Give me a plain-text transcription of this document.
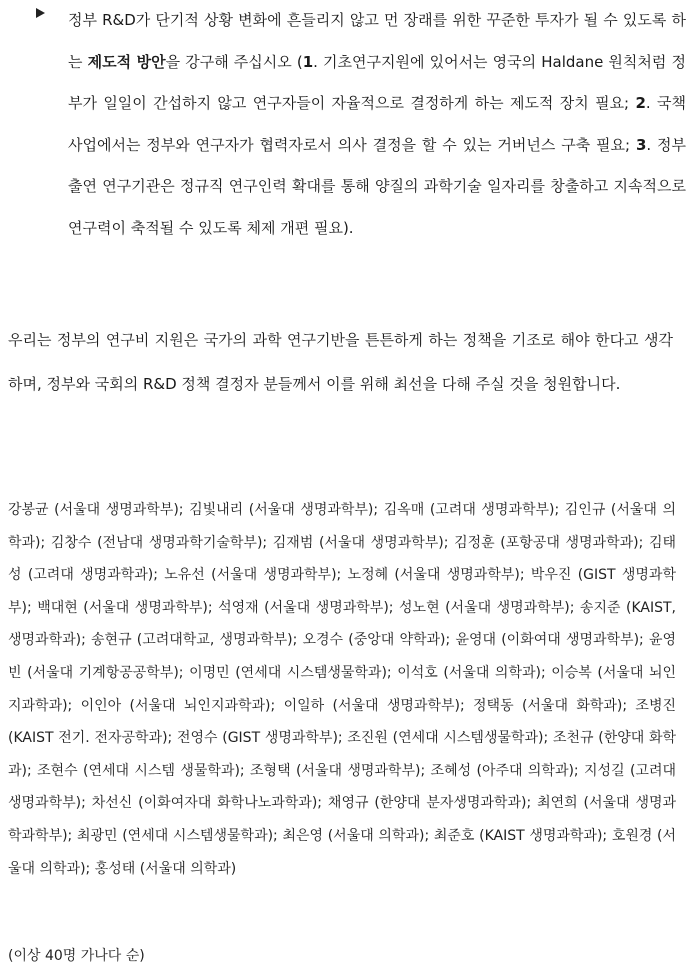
정부 R&D가 단기적 상황 변화에 흔들리지 않고 먼 장래를 위한 꾸준한 투자가 될 수 있도록 하는 제도적 방안을 강구해 주십시오 (1. 기초연구지원에 있어서는 영국의 Haldane 원칙처럼 정부가 일일이 간섭하지 않고 연구자들이 자율적으로 결정하게 하는 제도적 장치 필요; 2. 국책 사업에서는 정부와 연구자가 협력자로서 의사 결정을 할 수 있는 거버넌스 구축 필요; 3. 정부출연 연구기관은 정규직 연구인력 확대를 통해 양질의 과학기술 일자리를 창출하고 지속적으로 연구력이 축적될 수 있도록 체제 개편 필요).

우리는 정부의 연구비 지원은 국가의 과학 연구기반을 튼튼하게 하는 정책을 기조로 해야 한다고 생각하며, 정부와 국회의 R&D 정책 결정자 분들께서 이를 위해 최선을 다해 주실 것을 청원합니다.

강봉균 (서울대 생명과학부); 김빛내리 (서울대 생명과학부); 김옥매 (고려대 생명과학부); 김인규 (서울대 의학과); 김창수 (전남대 생명과학기술학부); 김재범 (서울대 생명과학부); 김정훈 (포항공대 생명과학과); 김태성 (고려대 생명과학과); 노유선 (서울대 생명과학부); 노정혜 (서울대 생명과학부); 박우진 (GIST 생명과학부); 백대현 (서울대 생명과학부); 석영재 (서울대 생명과학부); 성노현 (서울대 생명과학부); 송지준 (KAIST, 생명과학과); 송현규 (고려대학교, 생명과학부); 오경수 (중앙대 약학과); 윤영대 (이화여대 생명과학부); 윤영빈 (서울대 기계항공공학부); 이명민 (연세대 시스템생물학과); 이석호 (서울대 의학과); 이승복 (서울대 뇌인지과학과); 이인아 (서울대 뇌인지과학과); 이일하 (서울대 생명과학부); 정택동 (서울대 화학과); 조병진 (KAIST 전기. 전자공학과); 전영수 (GIST 생명과학부); 조진원 (연세대 시스템생물학과); 조천규 (한양대 화학과); 조현수 (연세대 시스템 생물학과); 조형택 (서울대 생명과학부); 조혜성 (아주대 의학과); 지성길 (고려대 생명과학부); 차선신 (이화여자대 화학나노과학과); 채영규 (한양대 분자생명과학과); 최연희 (서울대 생명과학과학부); 최광민 (연세대 시스템생물학과); 최은영 (서울대 의학과); 최준호 (KAIST 생명과학과); 호원경 (서울대 의학과); 홍성태 (서울대 의학과)
(이상 40명 가나다 순)
